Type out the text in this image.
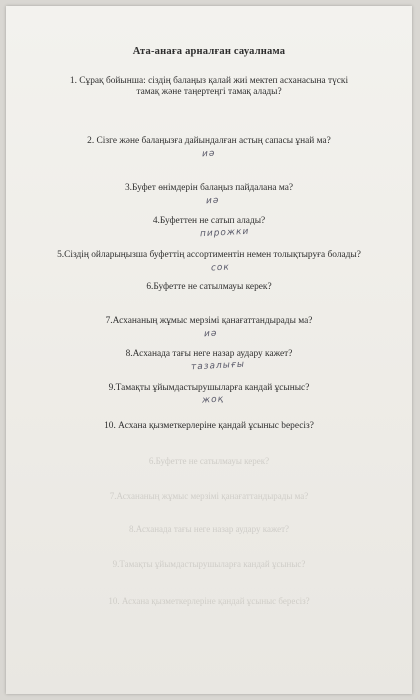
Ата-анаға арналған сауалнама
1. Сұрақ бойынша: сіздің балаңыз қалай жиі мектеп асханасына түскі
тамақ және таңертеңгі тамақ алады?
2. Сізге және балаңызға дайындалған астың сапасы ұнай ма?
иә
3.Буфет өнімдерін балаңыз пайдалана ма?
иә
4.Буфеттен не сатып алады?
пирожки
5.Сіздің ойларыңызша буфеттің ассортиментін немен толықтыруға болады?
сок
6.Буфетте не сатылмауы керек?
7.Асхананың жұмыс мерзімі қанағаттандырады ма?
иә
8.Асханада тағы неге назар аудару кажет?
тазалығы
9.Тамақты ұйымдастырушыларға кандай ұсыныс?
жоқ
10. Асхана қызметкерлеріне қандай ұсыныс beресіз?
6.Буфетте не сатылмауы керек?
7.Асхананың жұмыс мерзімі қанағаттандырады ма?
8.Асханада тағы неге назар аудару кажет?
9.Тамақты ұйымдастырушыларға кандай ұсыныс?
10. Асхана қызметкерлеріне қандай ұсыныс бересіз?
